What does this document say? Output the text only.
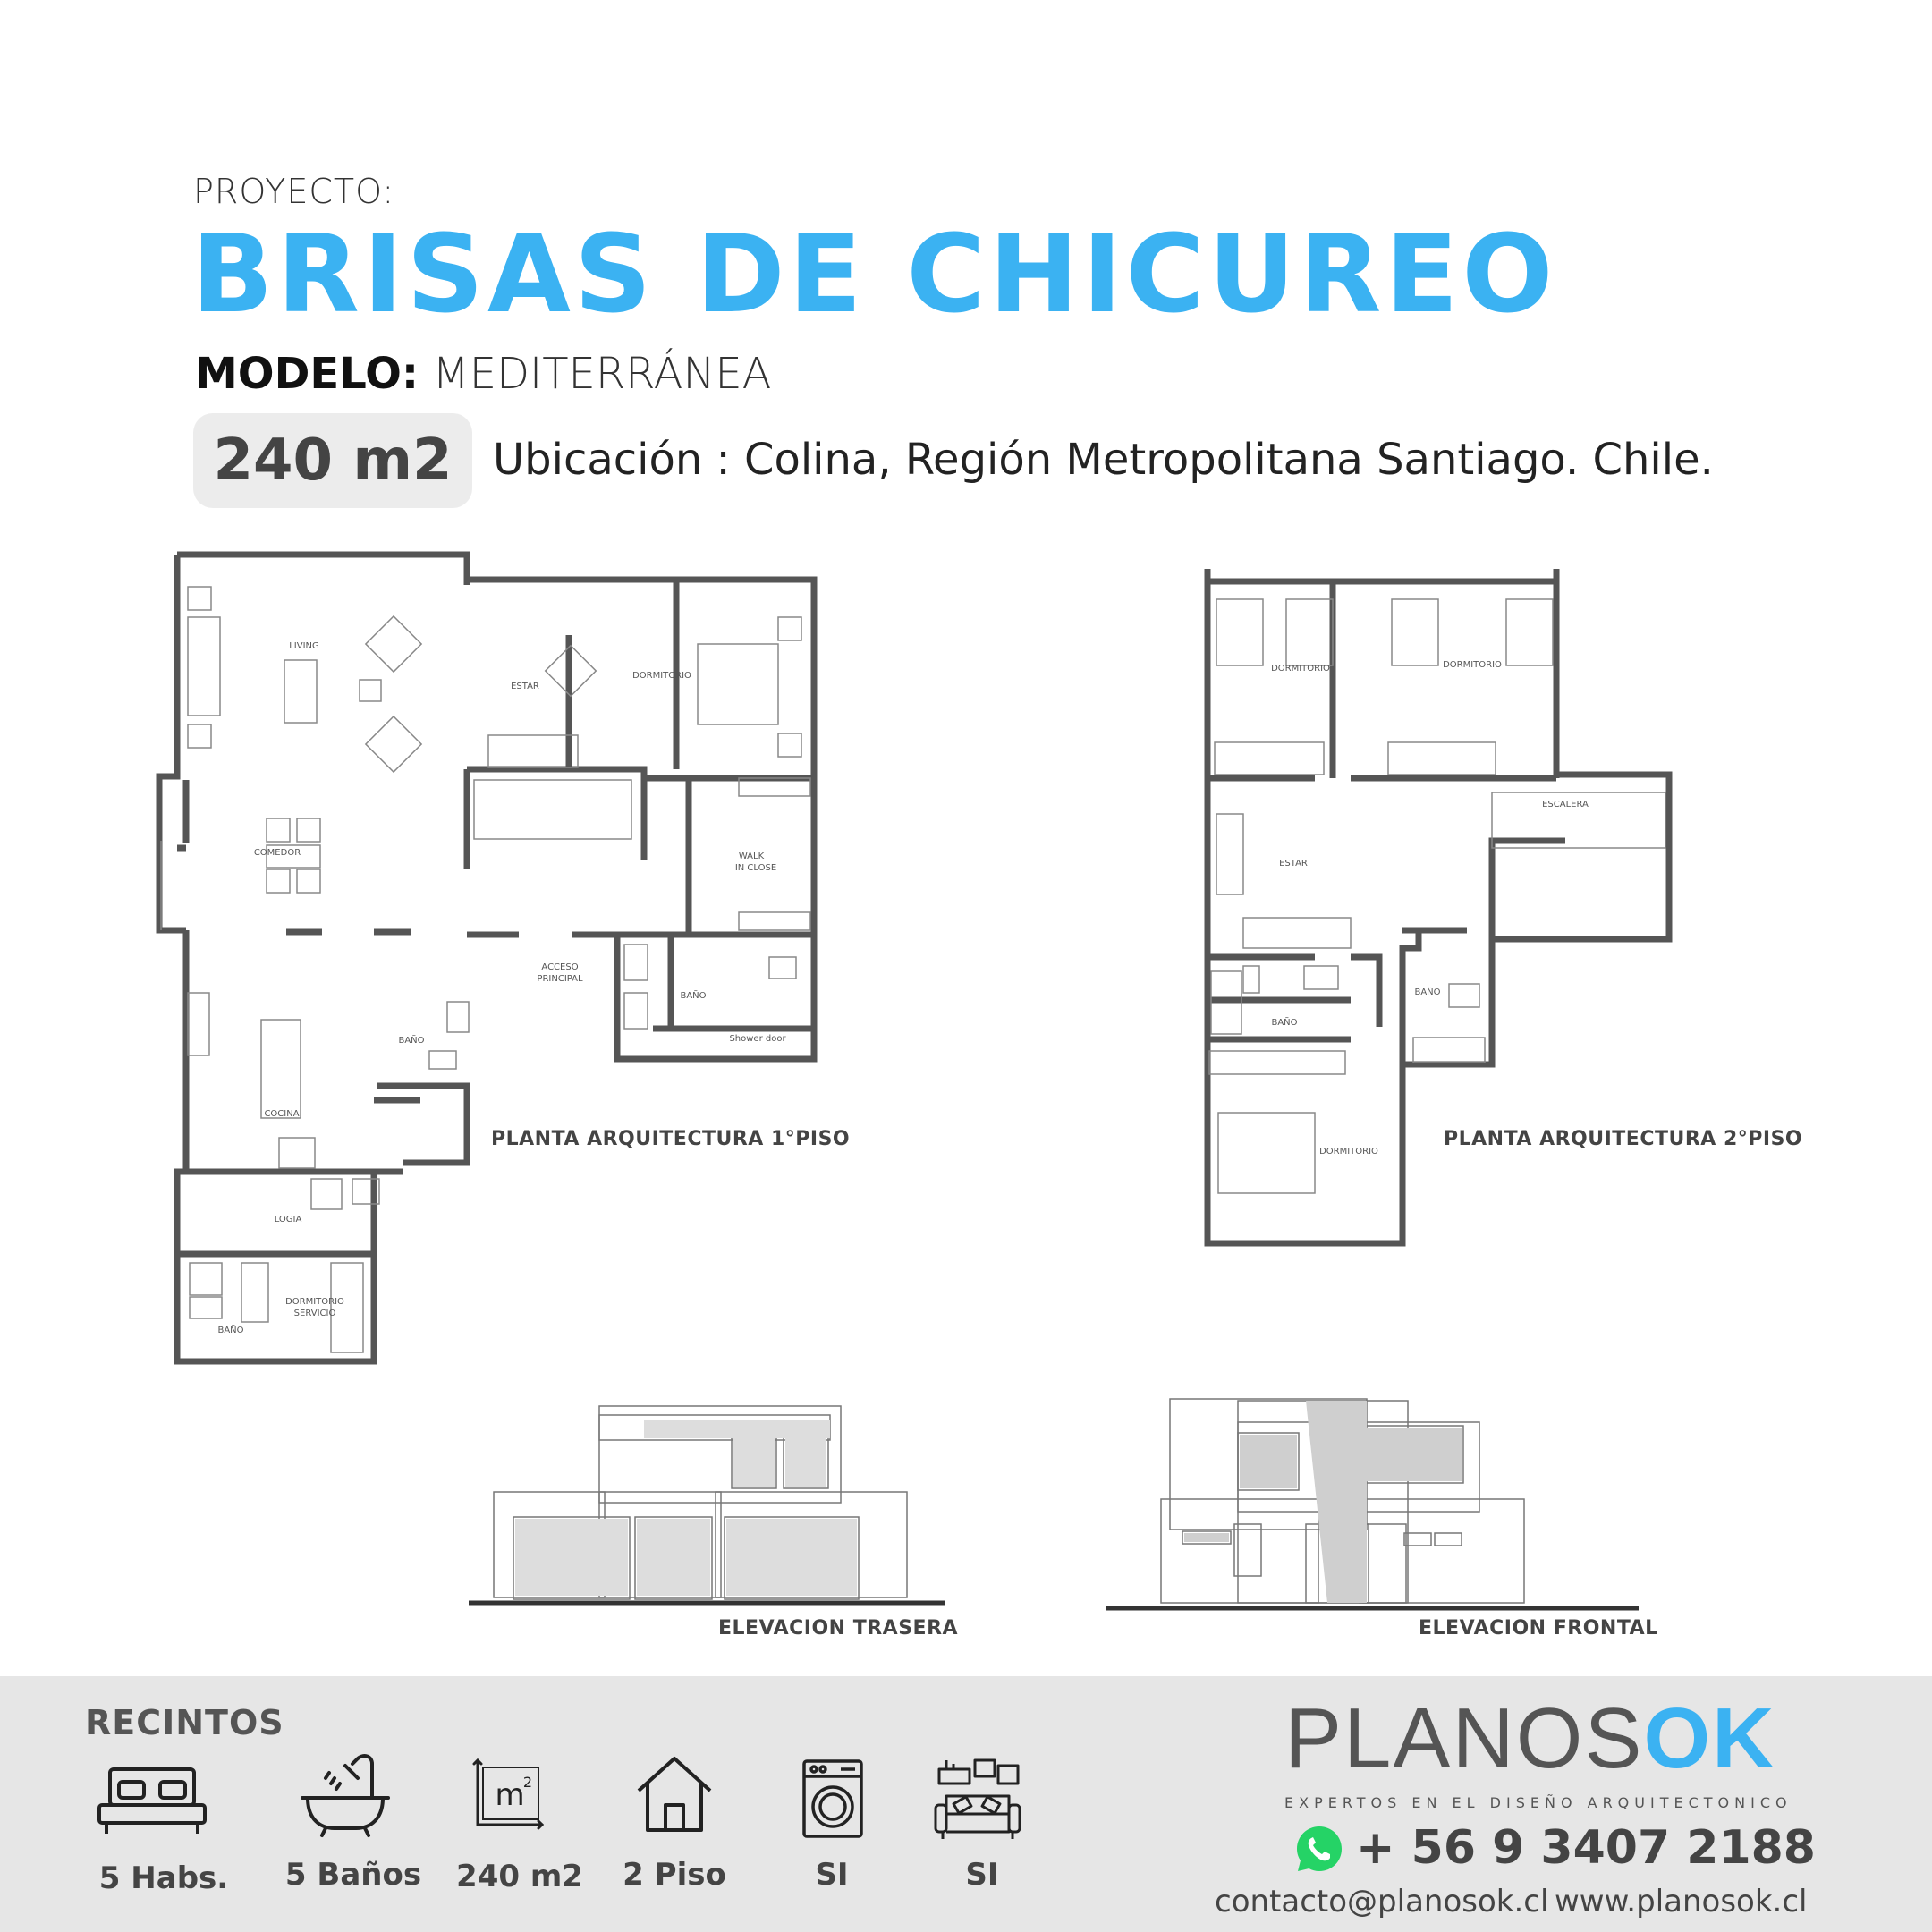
PROYECTO:
BRISAS DE CHICUREO
MODELO: MEDITERRÁNEA
240 m2 Ubicación : Colina, Región Metropolitana Santiago. Chile.
LIVING
ESTAR
DORMITORIO
COMEDOR	WALK
IN CLOSE
ACCESO
PRINCIPAL
BAÑO
Shower door
BAÑO
COCINA
LOGIA
DORMITORIO
SERVICIO
BAÑO
PLANTA ARQUITECTURA 1°PISO
DORMITORIO	DORMITORIO
ESCALERA
ESTAR
BAÑO
BAÑO
DORMITORIO
PLANTA ARQUITECTURA 2°PISO
ELEVACION TRASERA	ELEVACION FRONTAL
RECINTOS
m
2
5 Habs.	5 Baños	240 m2	2 Piso	SI	SI
PLANOSOK
EXPERTOS EN EL DISEÑO ARQUITECTONICO
+ 56 9 3407 2188
contacto@planosok.cl www.planosok.cl
